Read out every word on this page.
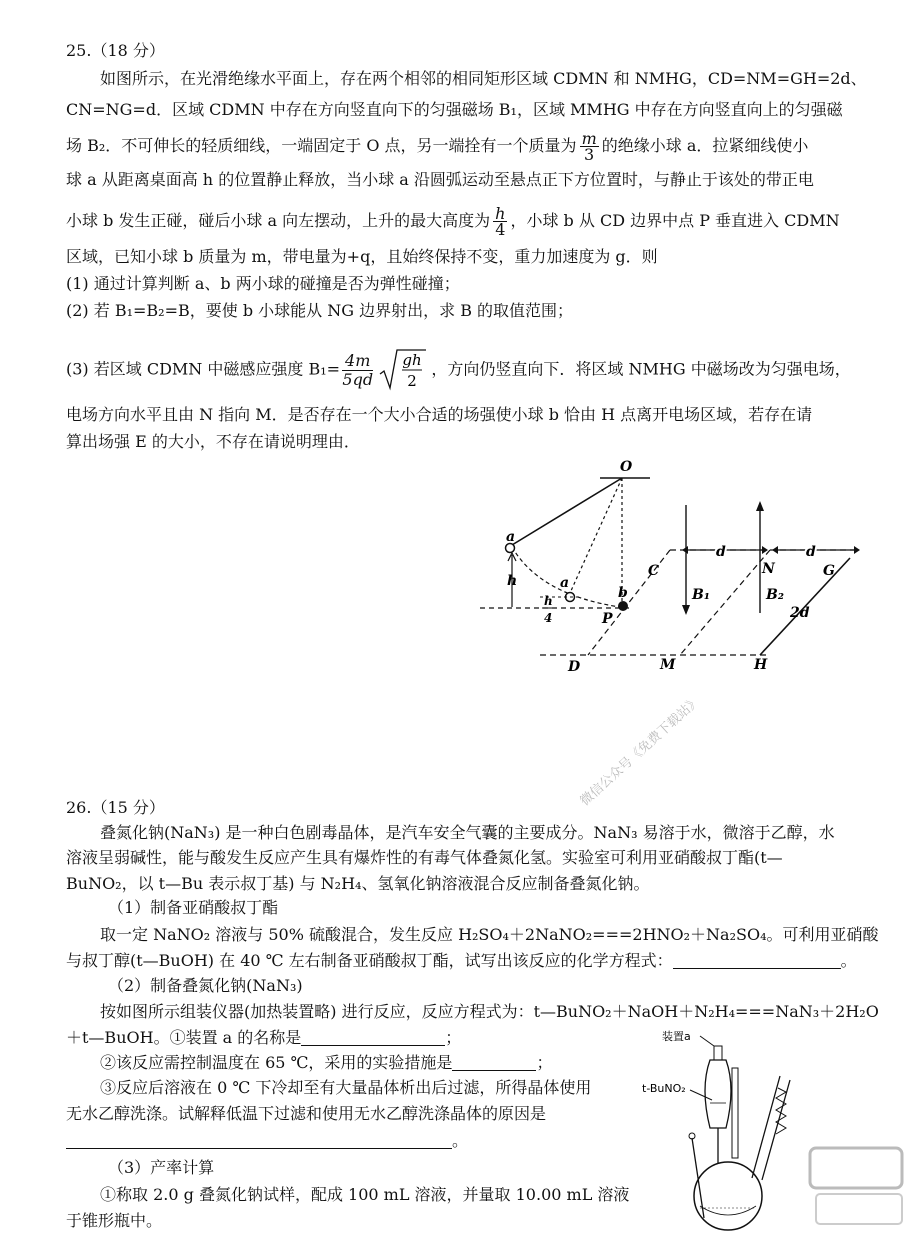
25.（18 分）
如图所示，在光滑绝缘水平面上，存在两个相邻的相同矩形区域 CDMN 和 NMHG，CD=NM=GH=2d、
CN=NG=d．区域 CDMN 中存在方向竖直向下的匀强磁场 B₁，区域 MMHG 中存在方向竖直向上的匀强磁
场 B₂．不可伸长的轻质细线，一端固定于 O 点，另一端拴有一个质量为 $\frac{m}{3}$ 的绝缘小球 a．拉紧细线使小
球 a 从距离桌面高 h 的位置静止释放，当小球 a 沿圆弧运动至悬点正下方位置时，与静止于该处的带正电
小球 b 发生正碰，碰后小球 a 向左摆动，上升的最大高度为 $\frac{h}{4}$ ，小球 b 从 CD 边界中点 P 垂直进入 CDMN
区域，已知小球 b 质量为 m，带电量为+q，且始终保持不变，重力加速度为 g．则
(1) 通过计算判断 a、b 两小球的碰撞是否为弹性碰撞；
(2) 若 B₁=B₂=B，要使 b 小球能从 NG 边界射出，求 B 的取值范围；
(3) 若区域 CDMN 中磁感应强度 $B_1= \frac{4m}{5qd}$ gh
2
，方向仍竖直向下．将区域 NMHG 中磁场改为匀强电场，
电场方向水平且由 N 指向 M．是否存在一个大小合适的场强使小球 b 恰由 H 点离开电场区域，若存在请
算出场强 E 的大小，不存在请说明理由．
O
a
a
b
h
h
4	P
C	N	G
D	M	H
d	d
B₁	B₂
2d
微信公众号《免费下载站》
26.（15 分）
叠氮化钠(NaN₃) 是一种白色剧毒晶体，是汽车安全气囊的主要成分。NaN₃ 易溶于水，微溶于乙醇，水
溶液呈弱碱性，能与酸发生反应产生具有爆炸性的有毒气体叠氮化氢。实验室可利用亚硝酸叔丁酯(t—
BuNO₂，以 t—Bu 表示叔丁基) 与 N₂H₄、氢氧化钠溶液混合反应制备叠氮化钠。
（1）制备亚硝酸叔丁酯
取一定 NaNO₂ 溶液与 50% 硫酸混合，发生反应 H₂SO₄＋2NaNO₂===2HNO₂＋Na₂SO₄。可利用亚硝酸
与叔丁醇(t—BuOH) 在 40 ℃ 左右制备亚硝酸叔丁酯，试写出该反应的化学方程式：	。
（2）制备叠氮化钠(NaN₃)
按如图所示组装仪器(加热装置略) 进行反应，反应方程式为：t—BuNO₂＋NaOH＋N₂H₄===NaN₃＋2H₂O
＋t—BuOH。①装置 a 的名称是	；
②该反应需控制温度在 65 ℃，采用的实验措施是	；
③反应后溶液在 0 ℃ 下冷却至有大量晶体析出后过滤，所得晶体使用
无水乙醇洗涤。试解释低温下过滤和使用无水乙醇洗涤晶体的原因是
。
（3）产率计算
①称取 2.0 g 叠氮化钠试样，配成 100 mL 溶液，并量取 10.00 mL 溶液
于锥形瓶中。
装置a
t-BuNO₂
